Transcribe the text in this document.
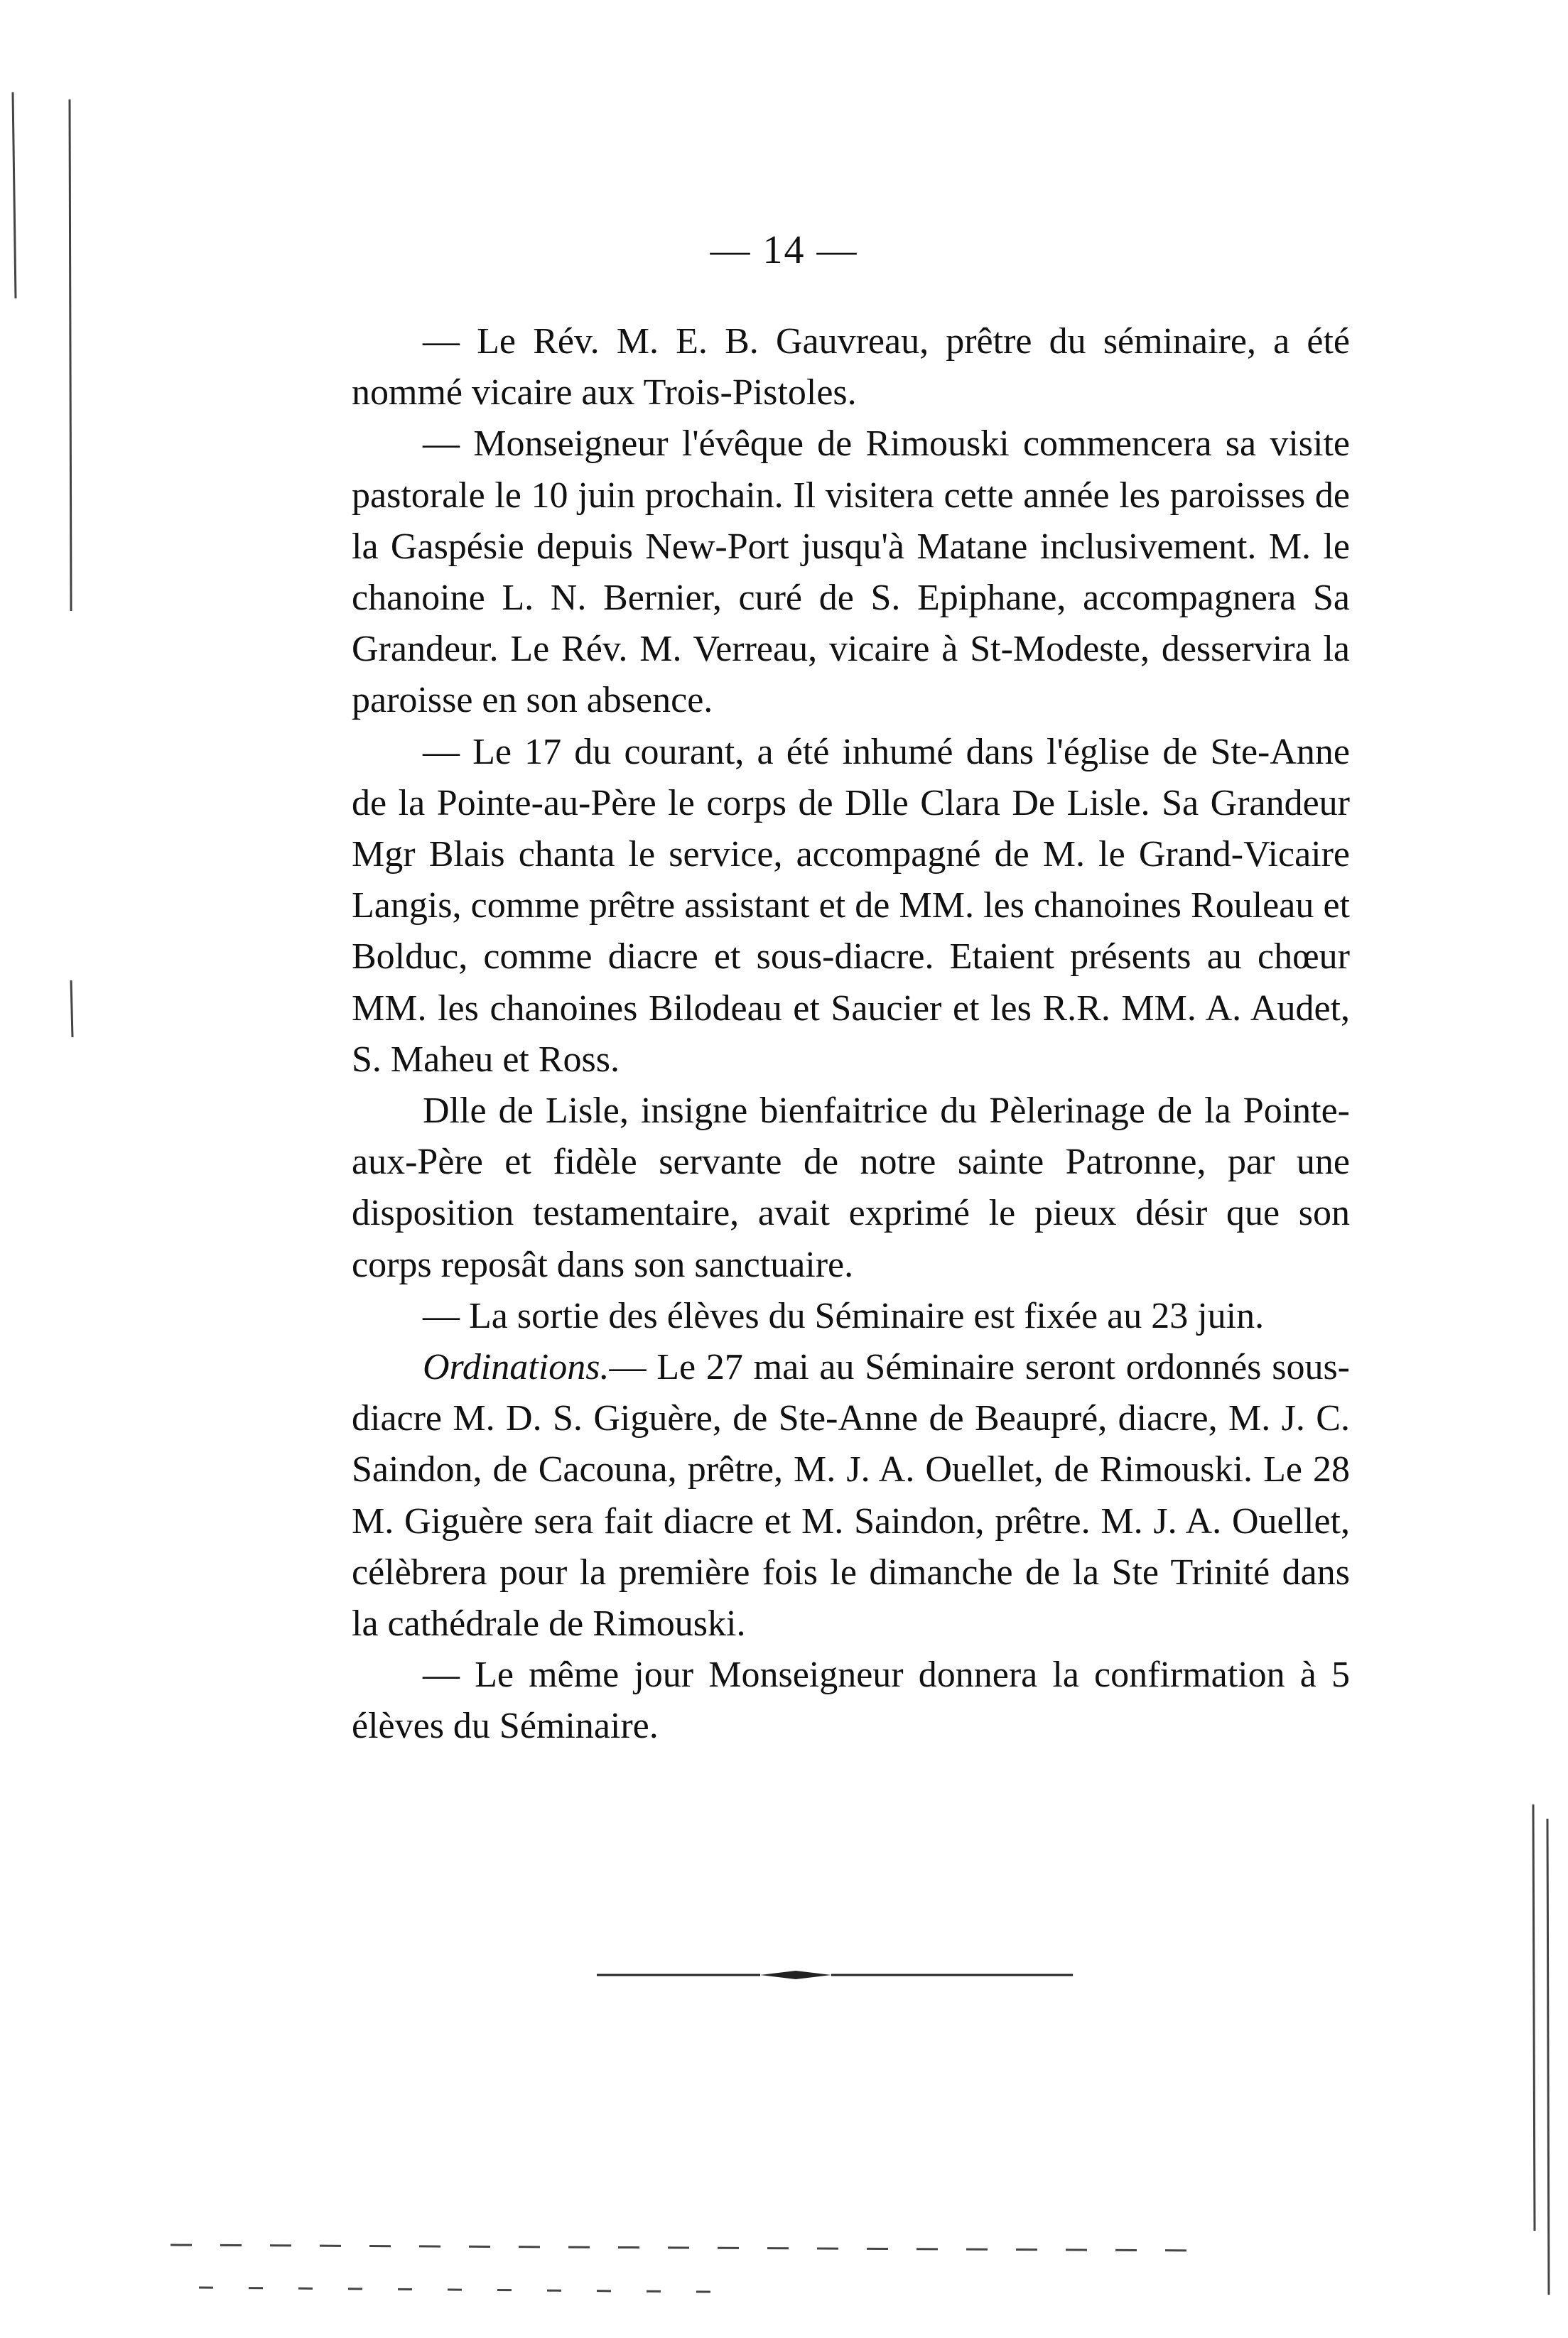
— 14 —

— Le Rév. M. E. B. Gauvreau, prêtre du séminaire, a été nommé vicaire aux Trois-Pistoles.

— Monseigneur l'évêque de Rimouski commencera sa visite pastorale le 10 juin prochain. Il visitera cette année les paroisses de la Gaspésie depuis New-Port jusqu'à Matane inclusivement. M. le chanoine L. N. Bernier, curé de S. Epiphane, accompagnera Sa Grandeur. Le Rév. M. Verreau, vicaire à St-Modeste, desservira la paroisse en son absence.

— Le 17 du courant, a été inhumé dans l'église de Ste-Anne de la Pointe-au-Père le corps de Dlle Clara De Lisle. Sa Grandeur Mgr Blais chanta le service, accompagné de M. le Grand-Vicaire Langis, comme prêtre assistant et de MM. les chanoines Rouleau et Bolduc, comme diacre et sous-diacre. Etaient présents au chœur MM. les chanoines Bilodeau et Saucier et les R.R. MM. A. Audet, S. Maheu et Ross.

Dlle de Lisle, insigne bienfaitrice du Pèlerinage de la Pointe-aux-Père et fidèle servante de notre sainte Patronne, par une disposition testamentaire, avait exprimé le pieux désir que son corps reposât dans son sanctuaire.

— La sortie des élèves du Séminaire est fixée au 23 juin.

Ordinations.— Le 27 mai au Séminaire seront ordonnés sous-diacre M. D. S. Giguère, de Ste-Anne de Beaupré, diacre, M. J. C. Saindon, de Cacouna, prêtre, M. J. A. Ouellet, de Rimouski. Le 28 M. Giguère sera fait diacre et M. Saindon, prêtre. M. J. A. Ouellet, célèbrera pour la première fois le dimanche de la Ste Trinité dans la cathédrale de Rimouski.

— Le même jour Monseigneur donnera la confirmation à 5 élèves du Séminaire.
